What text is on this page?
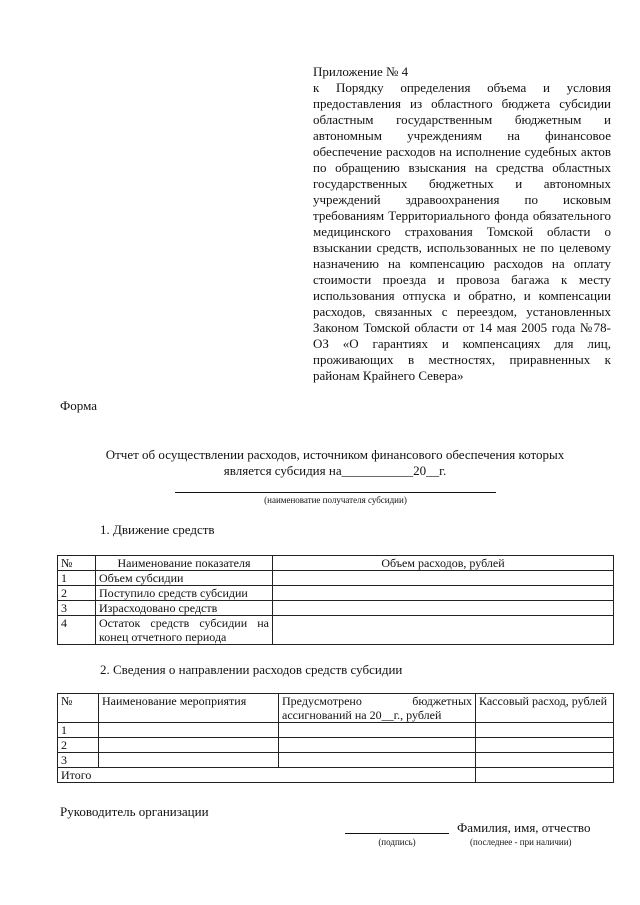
Приложение № 4
к Порядку определения объема и условия предоставления из областного бюджета субсидии областным государственным бюджетным и автономным учреждениям на финансовое обеспечение расходов на исполнение судебных актов по обращению взыскания на средства областных государственных бюджетных и автономных учреждений здравоохранения по исковым требованиям Территориального фонда обязательного медицинского страхования Томской области о взыскании средств, использованных не по целевому назначению на компенсацию расходов на оплату стоимости проезда и провоза багажа к месту использования отпуска и обратно, и компенсации расходов, связанных с переездом, установленных Законом Томской области от 14 мая 2005 года №78-ОЗ «О гарантиях и компенсациях для лиц, проживающих в местностях, приравненных к районам Крайнего Севера»
Форма
Отчет об осуществлении расходов, источником финансового обеспечения которых
является субсидия на___________20__г.
(наименоватие получателя субсидии)
1. Движение средств
№	Наименование показателя	Объем расходов, рублей
1	Объем субсидии	
2	Поступило средств субсидии	
3	Израсходовано средств	
4	Остаток средств субсидии на конец отчетного периода	
2. Сведения о направлении расходов средств субсидии
№	Наименование мероприятия	Предусмотрено бюджетных ассигнований на 20__г., рублей	Кассовый расход, рублей
1			
2			
3			
Итого			
Руководитель организации
Фамилия, имя, отчество
(подпись)	(последнее - при наличии)
